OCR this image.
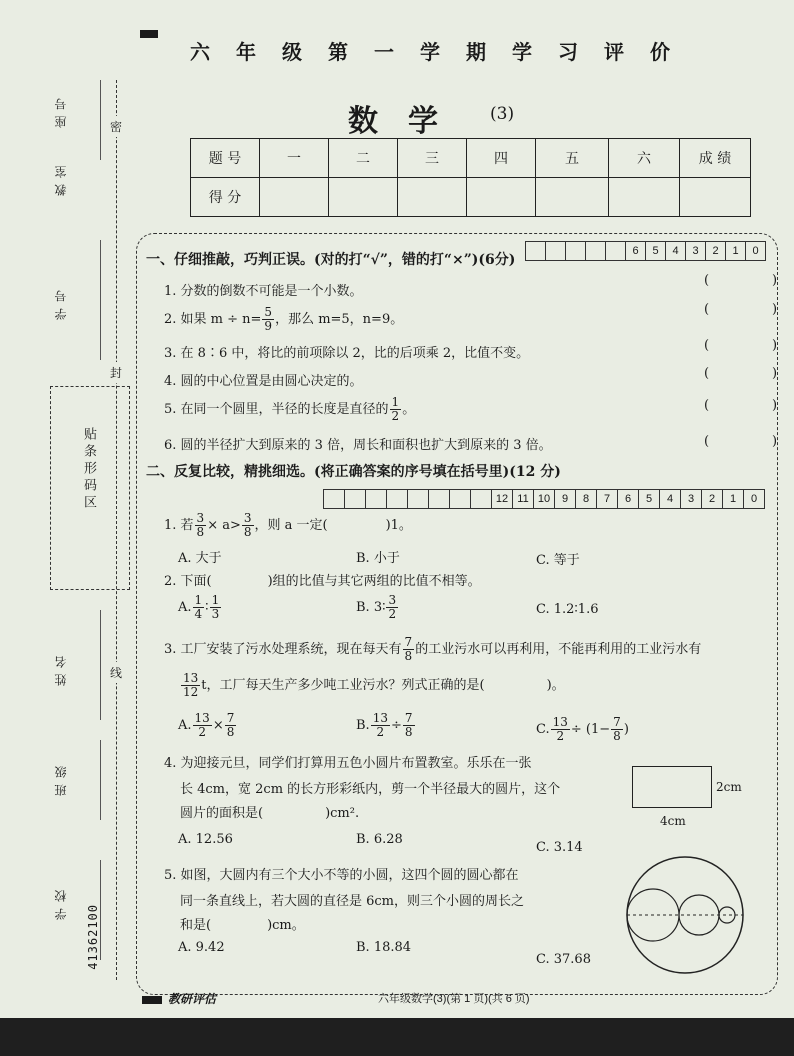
座号
教室
学号
姓名
班级
学校
密
封
线
贴条形码区
41362100
六年级第一学期学习评价
数学 (3)
题 号	一	二	三	四	五	六	成 绩
得 分							
一、仔细推敲，巧判正误。(对的打“√”，错的打“×”)(6分)
6	5	4	3	2	1	0
1. 分数的倒数不可能是一个小数。
2. 如果 $m \div n= \frac{5}{9}$ ，那么 m=5，n=9。
3. 在 8∶6 中，将比的前项除以 2，比的后项乘 2，比值不变。
4. 圆的中心位置是由圆心决定的。
5. 在同一个圆里，半径的长度是直径的 $\frac{1}{2}$ 。
6. 圆的半径扩大到原来的 3 倍，周长和面积也扩大到原来的 3 倍。
(	)
(	)
(	)
(	)
(	)
(	)
二、反复比较，精挑细选。(将正确答案的序号填在括号里)(12 分)
12 11 10	9	8	7	6	5	4	3	2	1	0
1. 若 $\frac{3}{8} \times a> \frac{3}{8}$ ，则 a 一定(	)1。
A. 大于	B. 小于	C. 等于
2. 下面(	)组的比值与其它两组的比值不相等。
A. $\frac{1}{4}$ ∶ $\frac{1}{3}$	B. 3∶ $\frac{3}{2}$	C. 1.2∶1.6
3. 工厂安装了污水处理系统，现在每天有 $\frac{7}{8}$ 的工业污水可以再利用，不能再利用的工业污水有
$\frac{13}{12}$ t，工厂每天生产多少吨工业污水？列式正确的是(	)。
A. $\frac{13}{2} \times \frac{7}{8}$	B. $\frac{13}{2} \div \frac{7}{8}$	C. $\frac{13}{2} \div (1- \frac{7}{8}$ )
4. 为迎接元旦，同学们打算用五色小圆片布置教室。乐乐在一张
长 4cm，宽 2cm 的长方形彩纸内，剪一个半径最大的圆片，这个
圆片的面积是(	)cm².
A. 12.56	B. 6.28
C. 3.14
4cm
2cm
5. 如图，大圆内有三个大小不等的小圆，这四个圆的圆心都在
同一条直线上，若大圆的直径是 6cm，则三个小圆的周长之
和是(	)cm。
A. 9.42	B. 18.84
C. 37.68
教研评估	六年级数学(3)(第 1 页)(共 6 页)
